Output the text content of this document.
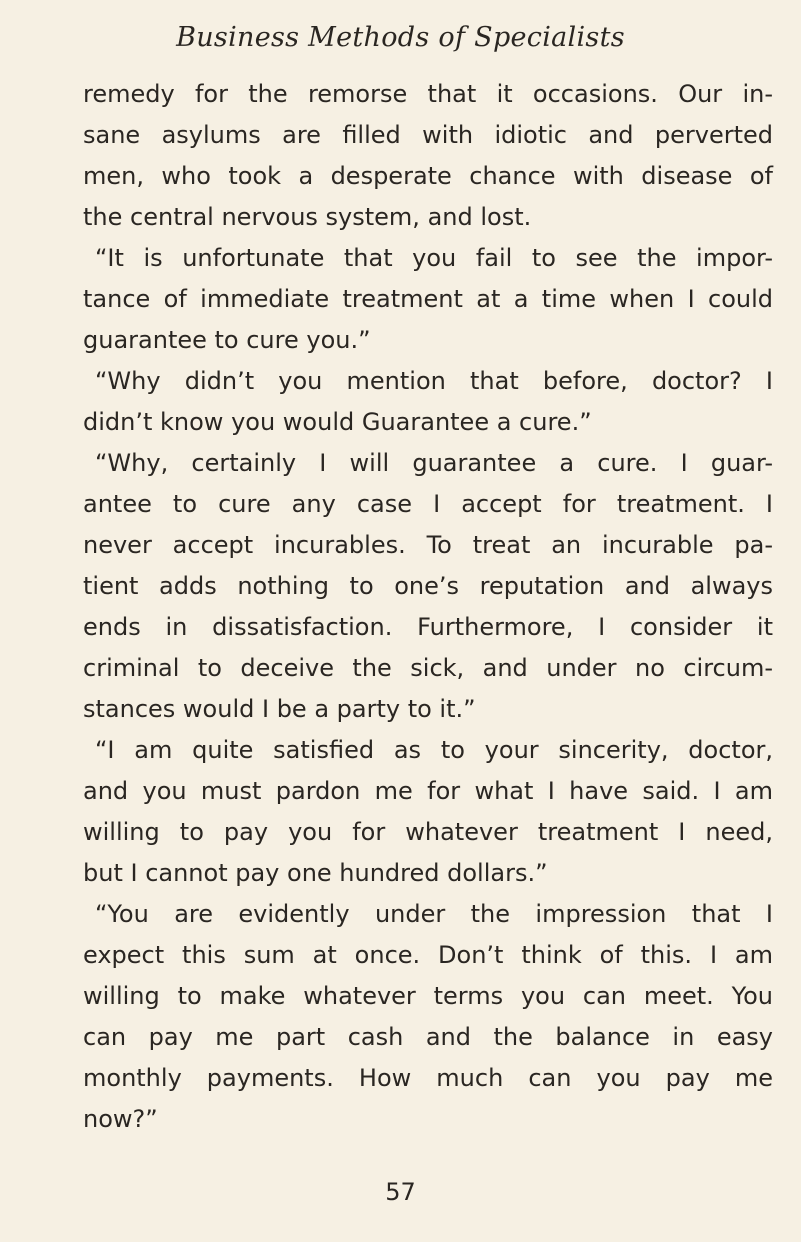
Business Methods of Specialists
remedy for the remorse that it occasions. Our in-
sane asylums are filled with idiotic and perverted
men, who took a desperate chance with disease of
the central nervous system, and lost.
“It is unfortunate that you fail to see the impor-
tance of immediate treatment at a time when I could
guarantee to cure you.”
“Why didn’t you mention that before, doctor? I
didn’t know you would Guarantee a cure.”
“Why, certainly I will guarantee a cure. I guar-
antee to cure any case I accept for treatment. I
never accept incurables. To treat an incurable pa-
tient adds nothing to one’s reputation and always
ends in dissatisfaction. Furthermore, I consider it
criminal to deceive the sick, and under no circum-
stances would I be a party to it.”
“I am quite satisfied as to your sincerity, doctor,
and you must pardon me for what I have said. I am
willing to pay you for whatever treatment I need,
but I cannot pay one hundred dollars.”
“You are evidently under the impression that I
expect this sum at once. Don’t think of this. I am
willing to make whatever terms you can meet. You
can pay me part cash and the balance in easy
monthly payments. How much can you pay me
now?”
57
